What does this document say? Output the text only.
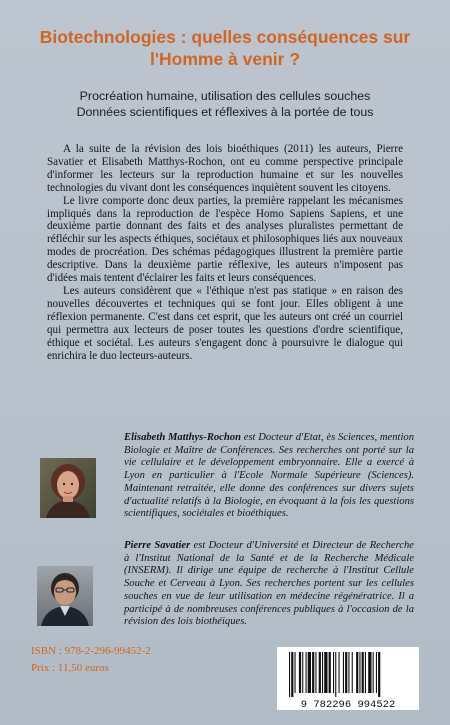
Biotechnologies : quelles conséquences sur l'Homme à venir ?
Procréation humaine, utilisation des cellules souches
Données scientifiques et réflexives à la portée de tous

A la suite de la révision des lois bioéthiques (2011) les auteurs, Pierre Savatier et Elisabeth Matthys-Rochon, ont eu comme perspective principale d'informer les lecteurs sur la reproduction humaine et sur les nouvelles technologies du vivant dont les conséquences inquiètent souvent les citoyens.

Le livre comporte donc deux parties, la première rappelant les mécanismes impliqués dans la reproduction de l'espèce Homo Sapiens Sapiens, et une deuxième partie donnant des faits et des analyses pluralistes permettant de réfléchir sur les aspects éthiques, sociétaux et philosophiques liés aux nouveaux modes de procréation. Des schémas pédagogiques illustrent la première partie descriptive. Dans la deuxième partie réflexive, les auteurs n'imposent pas d'idées mais tentent d'éclairer les faits et leurs conséquences.

Les auteurs considèrent que « l'éthique n'est pas statique » en raison des nouvelles découvertes et techniques qui se font jour. Elles obligent à une réflexion permanente. C'est dans cet esprit, que les auteurs ont créé un courriel qui permettra aux lecteurs de poser toutes les questions d'ordre scientifique, éthique et sociétal. Les auteurs s'engagent donc à poursuivre le dialogue qui enrichira le duo lecteurs-auteurs.

Elisabeth Matthys-Rochon est Docteur d'Etat, ès Sciences, mention Biologie et Maître de Conférences. Ses recherches ont porté sur la vie cellulaire et le développement embryonnaire. Elle a exercé à Lyon en particulier à l'Ecole Normale Supérieure (Sciences). Maintenant retraitée, elle donne des conférences sur divers sujets d'actualité relatifs à la Biologie, en évoquant à la fois les questions scientifiques, sociétales et bioéthiques.

Pierre Savatier est Docteur d'Université et Directeur de Recherche à l'Institut National de la Santé et de la Recherche Médicale (INSERM). Il dirige une équipe de recherche à l'Institut Cellule Souche et Cerveau à Lyon. Ses recherches portent sur les cellules souches en vue de leur utilisation en médecine régénératrice. Il a participé à de nombreuses conférences publiques à l'occasion de la révision des lois biothéiques.

ISBN : 978-2-296-99452-2
Prix : 11,50 euros
9 782296 994522
